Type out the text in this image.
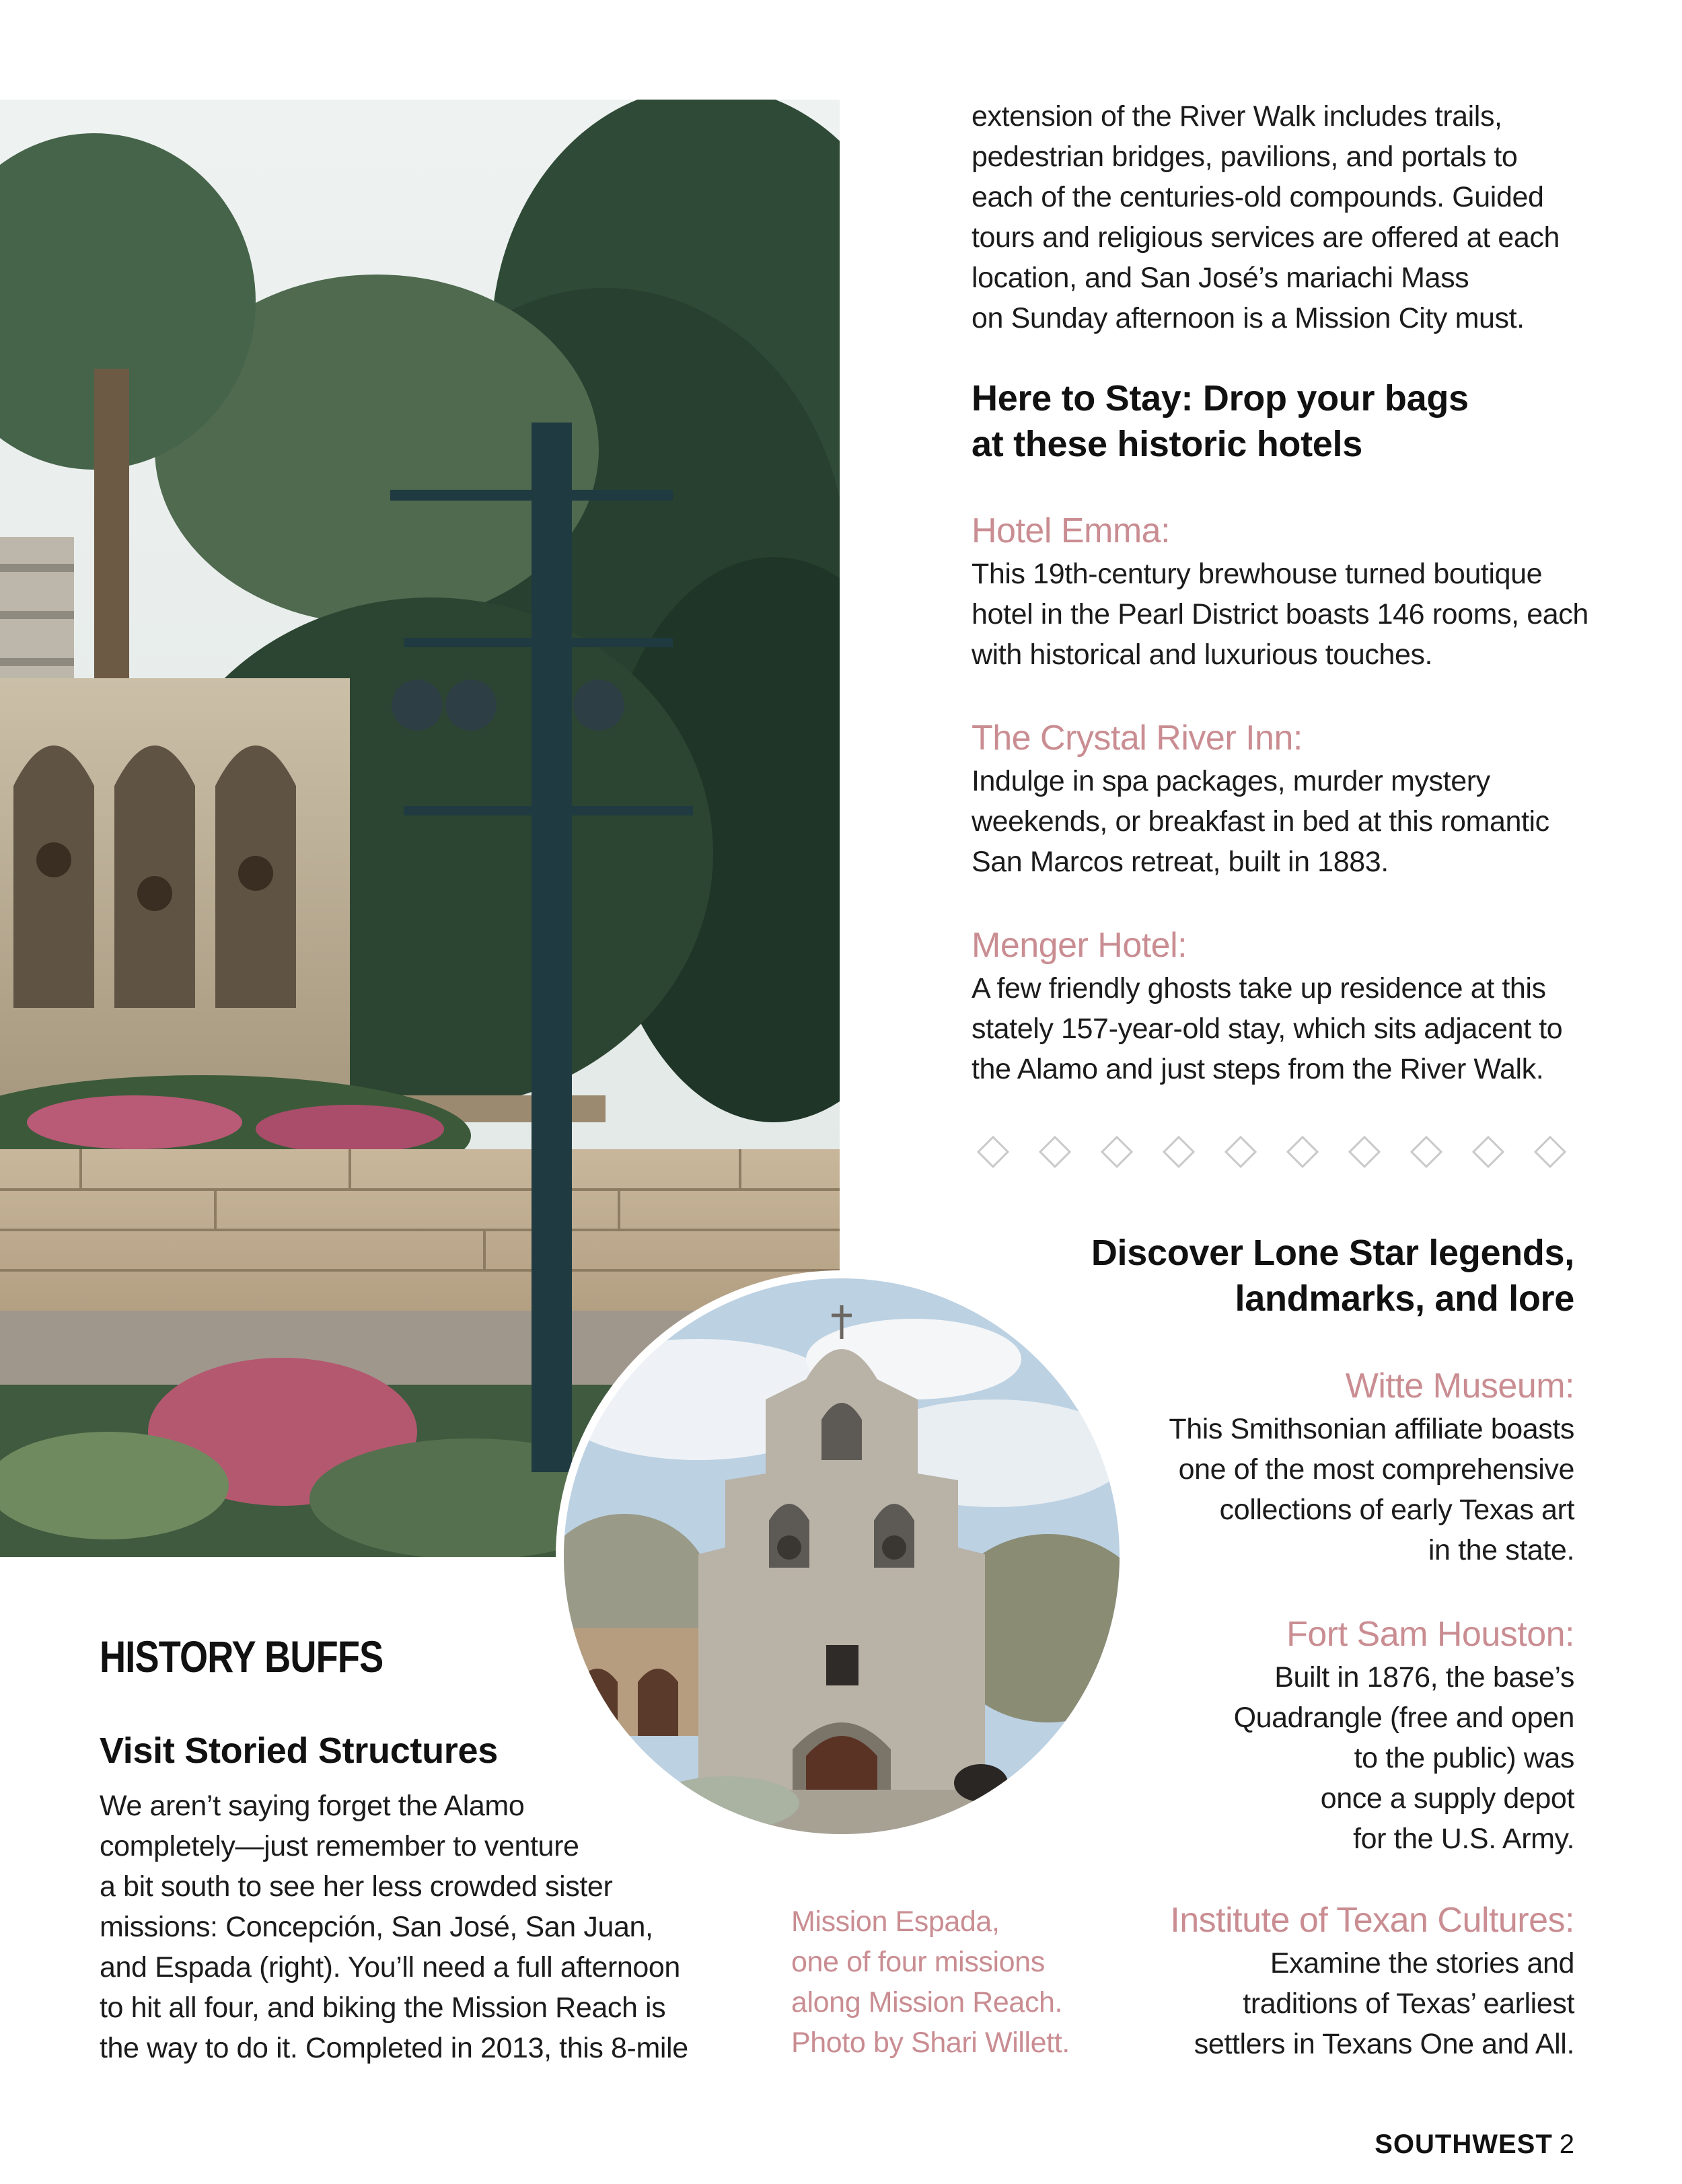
extension of the River Walk includes trails,

pedestrian bridges, pavilions, and portals to

each of the centuries-old compounds. Guided

tours and religious services are offered at each

location, and San José’s mariachi Mass

on Sunday afternoon is a Mission City must.

Here to Stay: Drop your bags

at these historic hotels

Hotel Emma:

This 19th-century brewhouse turned boutique

hotel in the Pearl District boasts 146 rooms, each

with historical and luxurious touches.

The Crystal River Inn:

Indulge in spa packages, murder mystery

weekends, or breakfast in bed at this romantic

San Marcos retreat, built in 1883.

Menger Hotel:

A few friendly ghosts take up residence at this

stately 157-year-old stay, which sits adjacent to

the Alamo and just steps from the River Walk.

Discover Lone Star legends,

landmarks, and lore

Witte Museum:

This Smithsonian affiliate boasts

one of the most comprehensive

collections of early Texas art

in the state.

Fort Sam Houston:

Built in 1876, the base’s

Quadrangle (free and open

to the public) was

once a supply depot

for the U.S. Army.

Institute of Texan Cultures:

Examine the stories and

traditions of Texas’ earliest

settlers in Texans One and All.

HISTORY BUFFS

Visit Storied Structures

We aren’t saying forget the Alamo

completely—just remember to venture

a bit south to see her less crowded sister

missions: Concepción, San José, San Juan,

and Espada (right). You’ll need a full afternoon

to hit all four, and biking the Mission Reach is

the way to do it. Completed in 2013, this 8-mile

Mission Espada,
one of four missions
along Mission Reach.
Photo by Shari Willett.
SOUTHWEST 2
